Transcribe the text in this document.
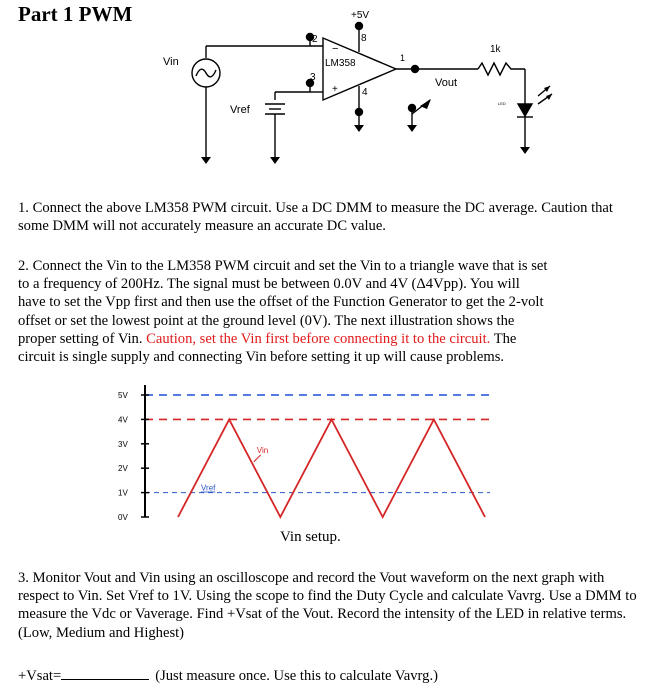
Part 1 PWM	+5V
Vin
Vref
LM358
2
3
8
4
1
−
+
1k
Vout
LED
1. Connect the above LM358 PWM circuit. Use a DC DMM to measure the DC average. Caution that some DMM will not accurately measure an accurate DC value.
2. Connect the Vin to the LM358 PWM circuit and set the Vin to a triangle wave that is set
to a frequency of 200Hz. The signal must be between 0.0V and 4V (Δ4Vpp). You will
have to set the Vpp first and then use the offset of the Function Generator to get the 2-volt
offset or set the lowest point at the ground level (0V). The next illustration shows the
proper setting of Vin. Caution, set the Vin first before connecting it to the circuit. The
circuit is single supply and connecting Vin before setting it up will cause problems.
0V
1V
2V
3V
4V
5V
Vin
Vref
Vin setup.
3. Monitor Vout and Vin using an oscilloscope and record the Vout waveform on the next graph with respect to Vin. Set Vref to 1V. Using the scope to find the Duty Cycle and calculate Vavrg. Use a DMM to measure the Vdc or Vaverage. Find +Vsat of the Vout. Record the intensity of the LED in relative terms. (Low, Medium and Highest)
+Vsat=	(Just measure once. Use this to calculate Vavrg.)
